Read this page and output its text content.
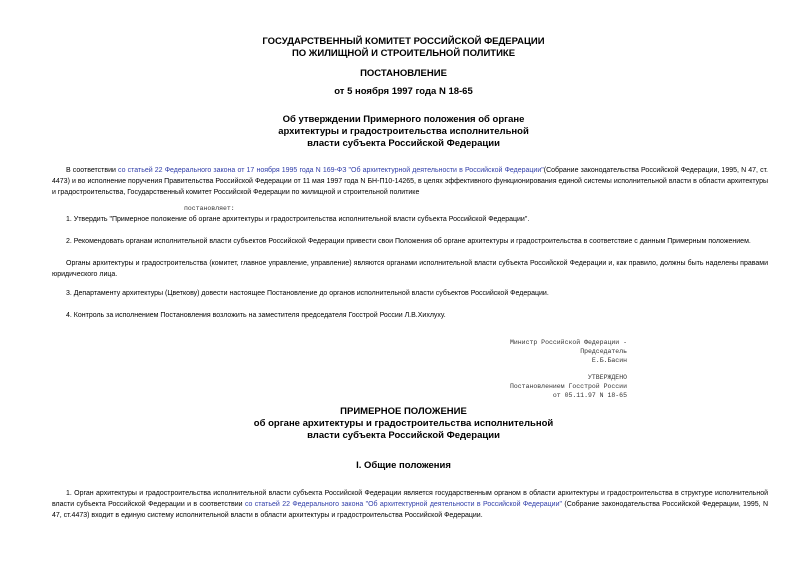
ГОСУДАРСТВЕННЫЙ КОМИТЕТ РОССИЙСКОЙ ФЕДЕРАЦИИ
ПО ЖИЛИЩНОЙ И СТРОИТЕЛЬНОЙ ПОЛИТИКЕ
ПОСТАНОВЛЕНИЕ
от 5 ноября 1997 года N 18-65
Об утверждении Примерного положения об органе
архитектуры и градостроительства исполнительной
власти субъекта Российской Федерации
В соответствии со статьей 22 Федерального закона от 17 ноября 1995 года N 169-ФЗ "Об архитектурной деятельности в Российской Федерации"(Собрание законодательства Российской Федерации, 1995, N 47, ст. 4473) и во исполнение поручения Правительства Российской Федерации от 11 мая 1997 года N БН-П10-14265, в целях эффективного функционирования единой системы исполнительной власти в области архитектуры и градостроительства, Государственный комитет Российской Федерации по жилищной и строительной политике
постановляет:
1. Утвердить "Примерное положение об органе архитектуры и градостроительства исполнительной власти субъекта Российской Федерации".
2. Рекомендовать органам исполнительной власти субъектов Российской Федерации привести свои Положения об органе архитектуры и градостроительства в соответствие с данным Примерным положением.
Органы архитектуры и градостроительства (комитет, главное управление, управление) являются органами исполнительной власти субъекта Российской Федерации и, как правило, должны быть наделены правами юридического лица.
3. Департаменту архитектуры (Цветкову) довести настоящее Постановление до органов исполнительной власти субъектов Российской Федерации.
4. Контроль за исполнением Постановления возложить на заместителя председателя Госстрой России Л.В.Хихлуху.
Министр Российской Федерации -
Председатель
Е.Б.Басин
УТВЕРЖДЕНО
Постановлением Госстрой России
от 05.11.97 N 18-65
ПРИМЕРНОЕ ПОЛОЖЕНИЕ
об органе архитектуры и градостроительства исполнительной
власти субъекта Российской Федерации
I. Общие положения
1. Орган архитектуры и градостроительства исполнительной власти субъекта Российской Федерации является государственным органом в области архитектуры и градостроительства в структуре исполнительной власти субъекта Российской Федерации и в соответствии со статьей 22 Федерального закона "Об архитектурной деятельности в Российской Федерации" (Собрание законодательства Российской Федерации, 1995, N 47, ст.4473) входит в единую систему исполнительной власти в области архитектуры и градостроительства Российской Федерации.
